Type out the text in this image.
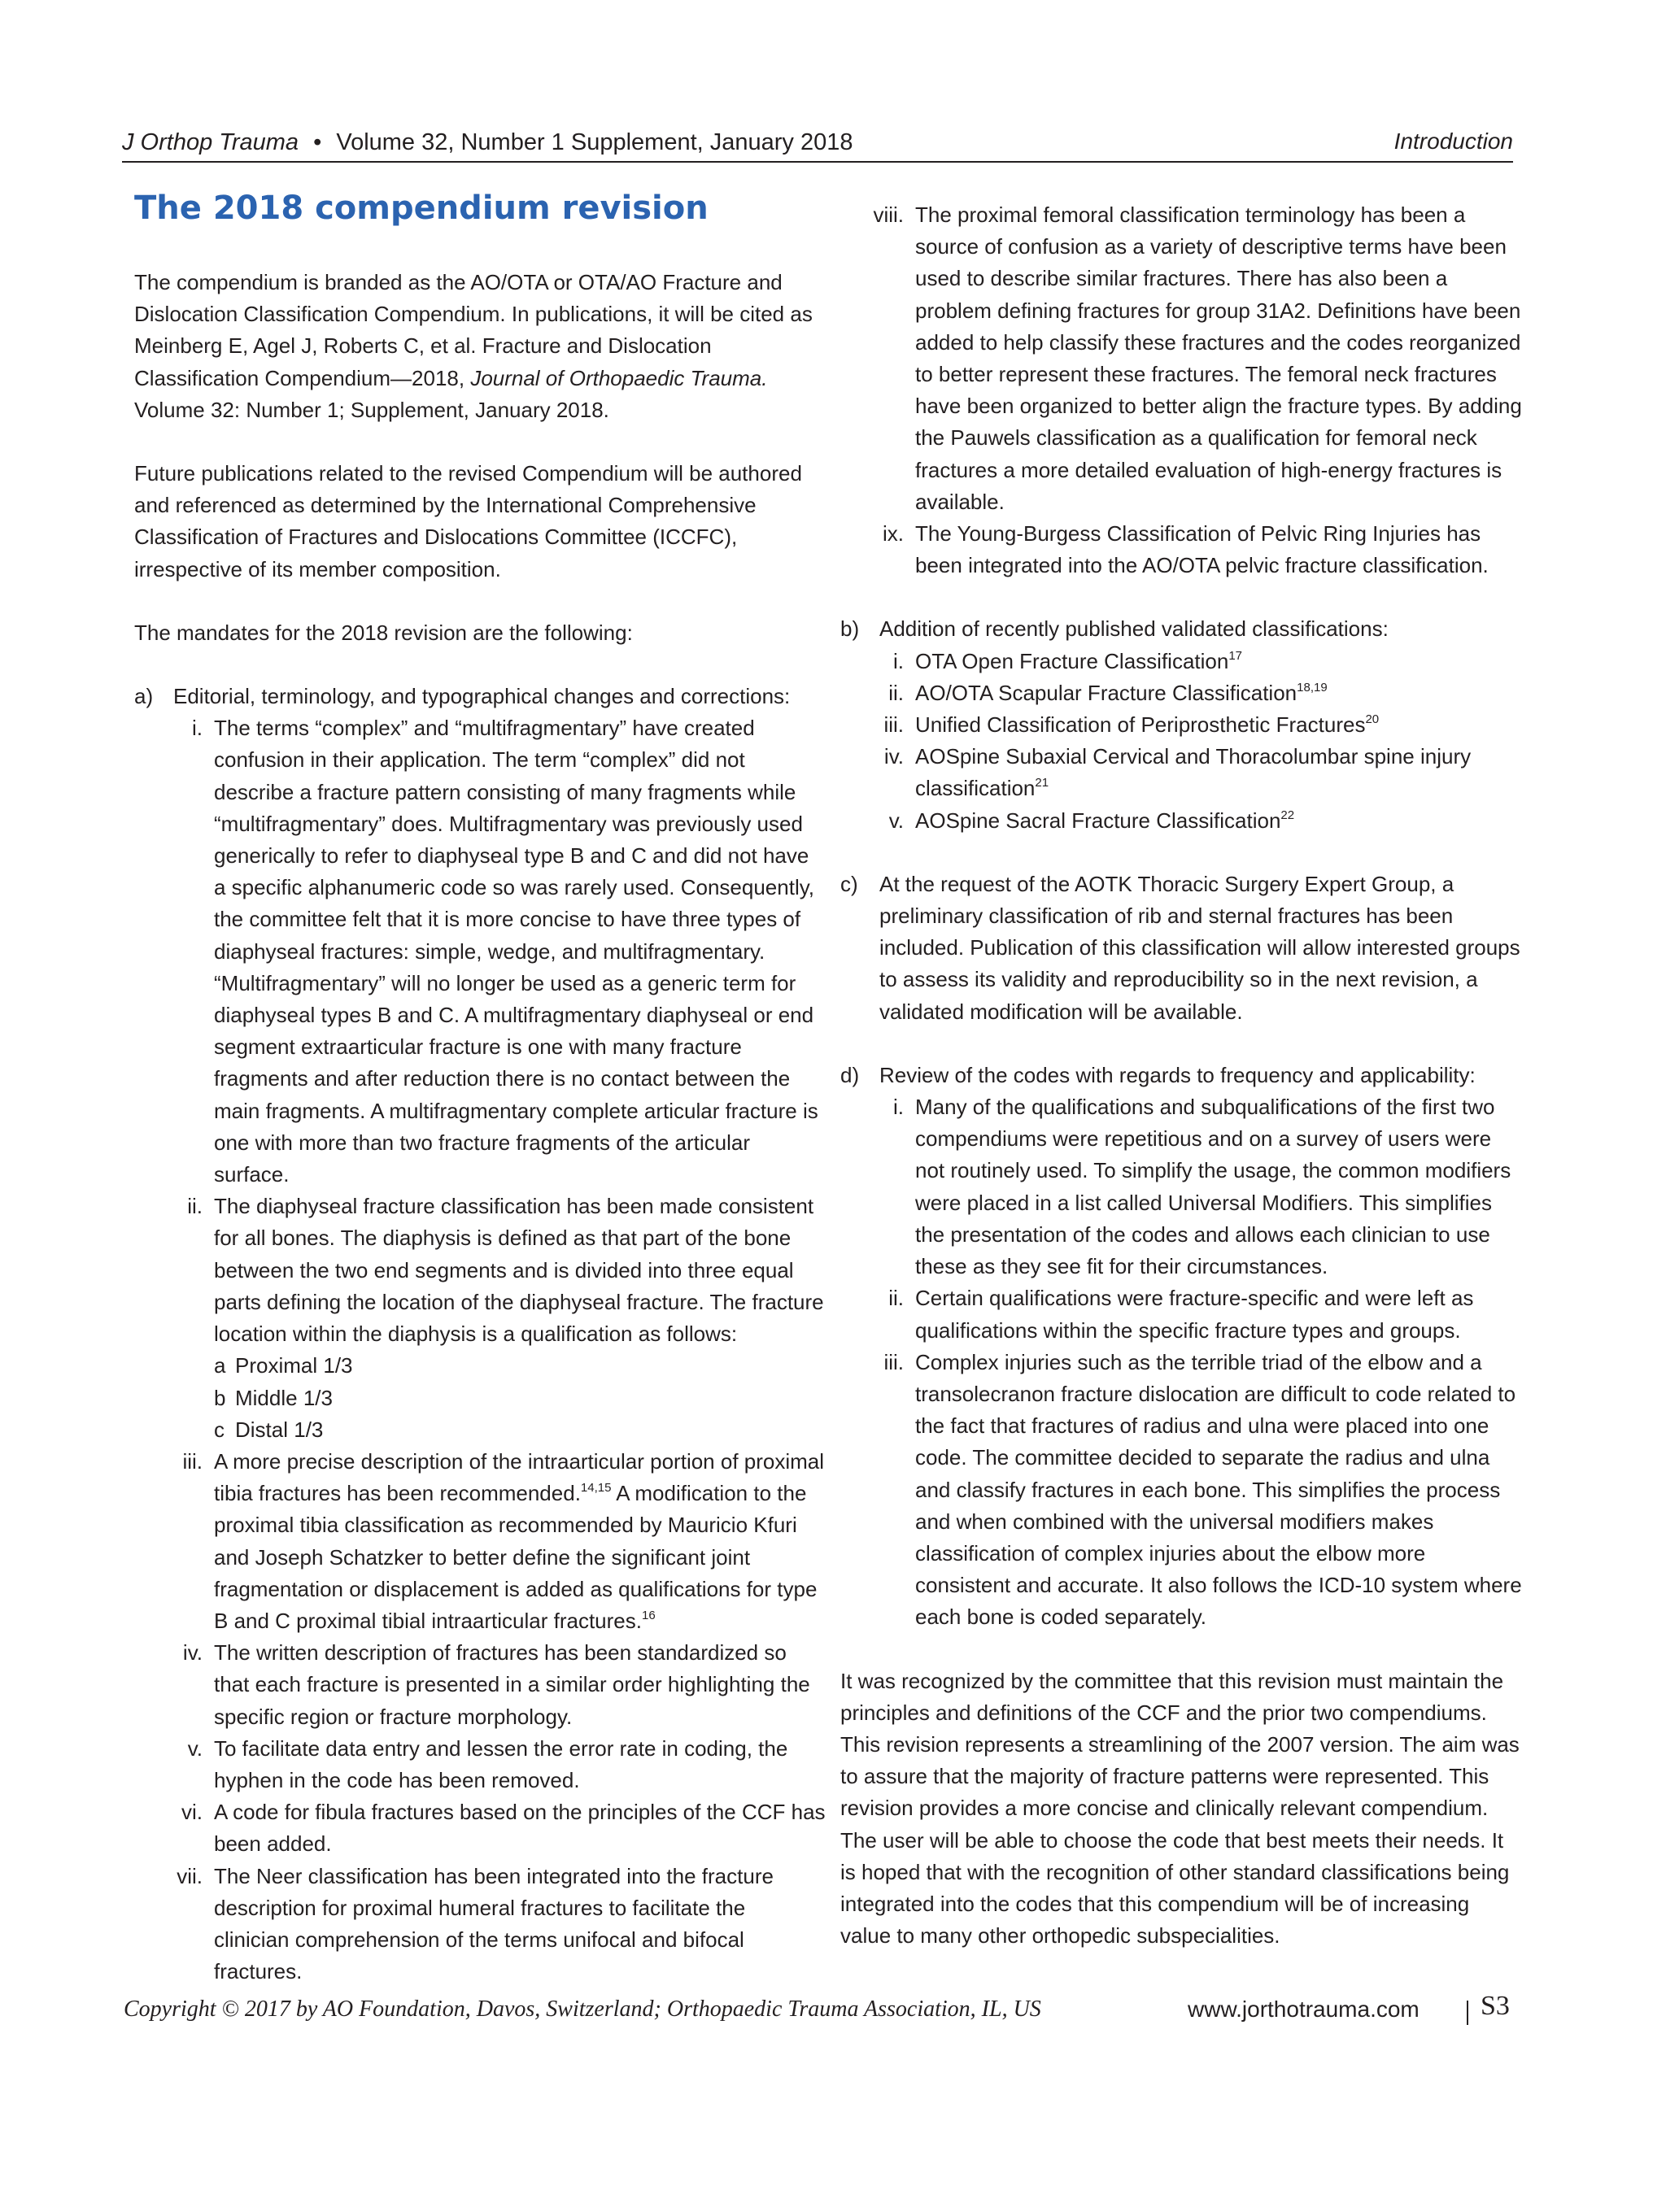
J Orthop Trauma • Volume 32, Number 1 Supplement, January 2018	Introduction
The 2018 compendium revision

The compendium is branded as the AO/OTA or OTA/AO Fracture and Dislocation Classification Compendium. In publications, it will be cited as Meinberg E, Agel J, Roberts C, et al. Fracture and Dislocation Classification Compendium—2018, Journal of Orthopaedic Trauma. Volume 32: Number 1; Supplement, January 2018.

Future publications related to the revised Compendium will be authored and referenced as determined by the International Comprehensive Classification of Fractures and Dislocations Committee (ICCFC), irrespective of its member composition.

The mandates for the 2018 revision are the following:

a) Editorial, terminology, and typographical changes and corrections:
i. The terms “complex” and “multifragmentary” have created confusion in their application. The term “complex” did not describe a fracture pattern consisting of many fragments while “multifragmentary” does. Multifragmentary was previously used generically to refer to diaphyseal type B and C and did not have a specific alphanumeric code so was rarely used. Consequently, the committee felt that it is more concise to have three types of diaphyseal fractures: simple, wedge, and multifragmentary. “Multifragmentary” will no longer be used as a generic term for diaphyseal types B and C. A multifragmentary diaphyseal or end segment extraarticular fracture is one with many fracture fragments and after reduction there is no contact between the main fragments. A multifragmentary complete articular fracture is one with more than two fracture fragments of the articular surface.
ii. The diaphyseal fracture classification has been made consistent for all bones. The diaphysis is defined as that part of the bone between the two end segments and is divided into three equal parts defining the location of the diaphyseal fracture. The fracture location within the diaphysis is a qualification as follows:
a Proximal 1/3
b Middle 1/3
c Distal 1/3
iii. A more precise description of the intraarticular portion of proximal tibia fractures has been recommended.$^{14,15}$ A modification to the proximal tibia classification as recommended by Mauricio Kfuri and Joseph Schatzker to better define the significant joint fragmentation or displacement is added as qualifications for type B and C proximal tibial intraarticular fractures.$^{16}$
iv. The written description of fractures has been standardized so that each fracture is presented in a similar order highlighting the specific region or fracture morphology.
v. To facilitate data entry and lessen the error rate in coding, the hyphen in the code has been removed.
vi. A code for fibula fractures based on the principles of the CCF has been added.
vii. The Neer classification has been integrated into the fracture description for proximal humeral fractures to facilitate the clinician comprehension of the terms unifocal and bifocal fractures.
viii. The proximal femoral classification terminology has been a source of confusion as a variety of descriptive terms have been used to describe similar fractures. There has also been a problem defining fractures for group 31A2. Definitions have been added to help classify these fractures and the codes reorganized to better represent these fractures. The femoral neck fractures have been organized to better align the fracture types. By adding the Pauwels classification as a qualification for femoral neck fractures a more detailed evaluation of high-energy fractures is available.
ix. The Young-Burgess Classification of Pelvic Ring Injuries has been integrated into the AO/OTA pelvic fracture classification.
b) Addition of recently published validated classifications:
i. OTA Open Fracture Classification$^{17}$
ii. AO/OTA Scapular Fracture Classification$^{18,19}$
iii. Unified Classification of Periprosthetic Fractures$^{20}$
iv. AOSpine Subaxial Cervical and Thoracolumbar spine injury classification$^{21}$
v. AOSpine Sacral Fracture Classification$^{22}$
c) At the request of the AOTK Thoracic Surgery Expert Group, a preliminary classification of rib and sternal fractures has been included. Publication of this classification will allow interested groups to assess its validity and reproducibility so in the next revision, a validated modification will be available.
d) Review of the codes with regards to frequency and applicability:
i. Many of the qualifications and subqualifications of the first two compendiums were repetitious and on a survey of users were not routinely used. To simplify the usage, the common modifiers were placed in a list called Universal Modifiers. This simplifies the presentation of the codes and allows each clinician to use these as they see fit for their circumstances.
ii. Certain qualifications were fracture-specific and were left as qualifications within the specific fracture types and groups.
iii. Complex injuries such as the terrible triad of the elbow and a transolecranon fracture dislocation are difficult to code related to the fact that fractures of radius and ulna were placed into one code. The committee decided to separate the radius and ulna and classify fractures in each bone. This simplifies the process and when combined with the universal modifiers makes classification of complex injuries about the elbow more consistent and accurate. It also follows the ICD-10 system where each bone is coded separately.

It was recognized by the committee that this revision must maintain the principles and definitions of the CCF and the prior two compendiums. This revision represents a streamlining of the 2007 version. The aim was to assure that the majority of fracture patterns were represented. This revision provides a more concise and clinically relevant compendium. The user will be able to choose the code that best meets their needs. It is hoped that with the recognition of other standard classifications being integrated into the codes that this compendium will be of increasing value to many other orthopedic subspecialities.

Copyright © 2017 by AO Foundation, Davos, Switzerland; Orthopaedic Trauma Association, IL, US	www.jorthotrauma.com S3
